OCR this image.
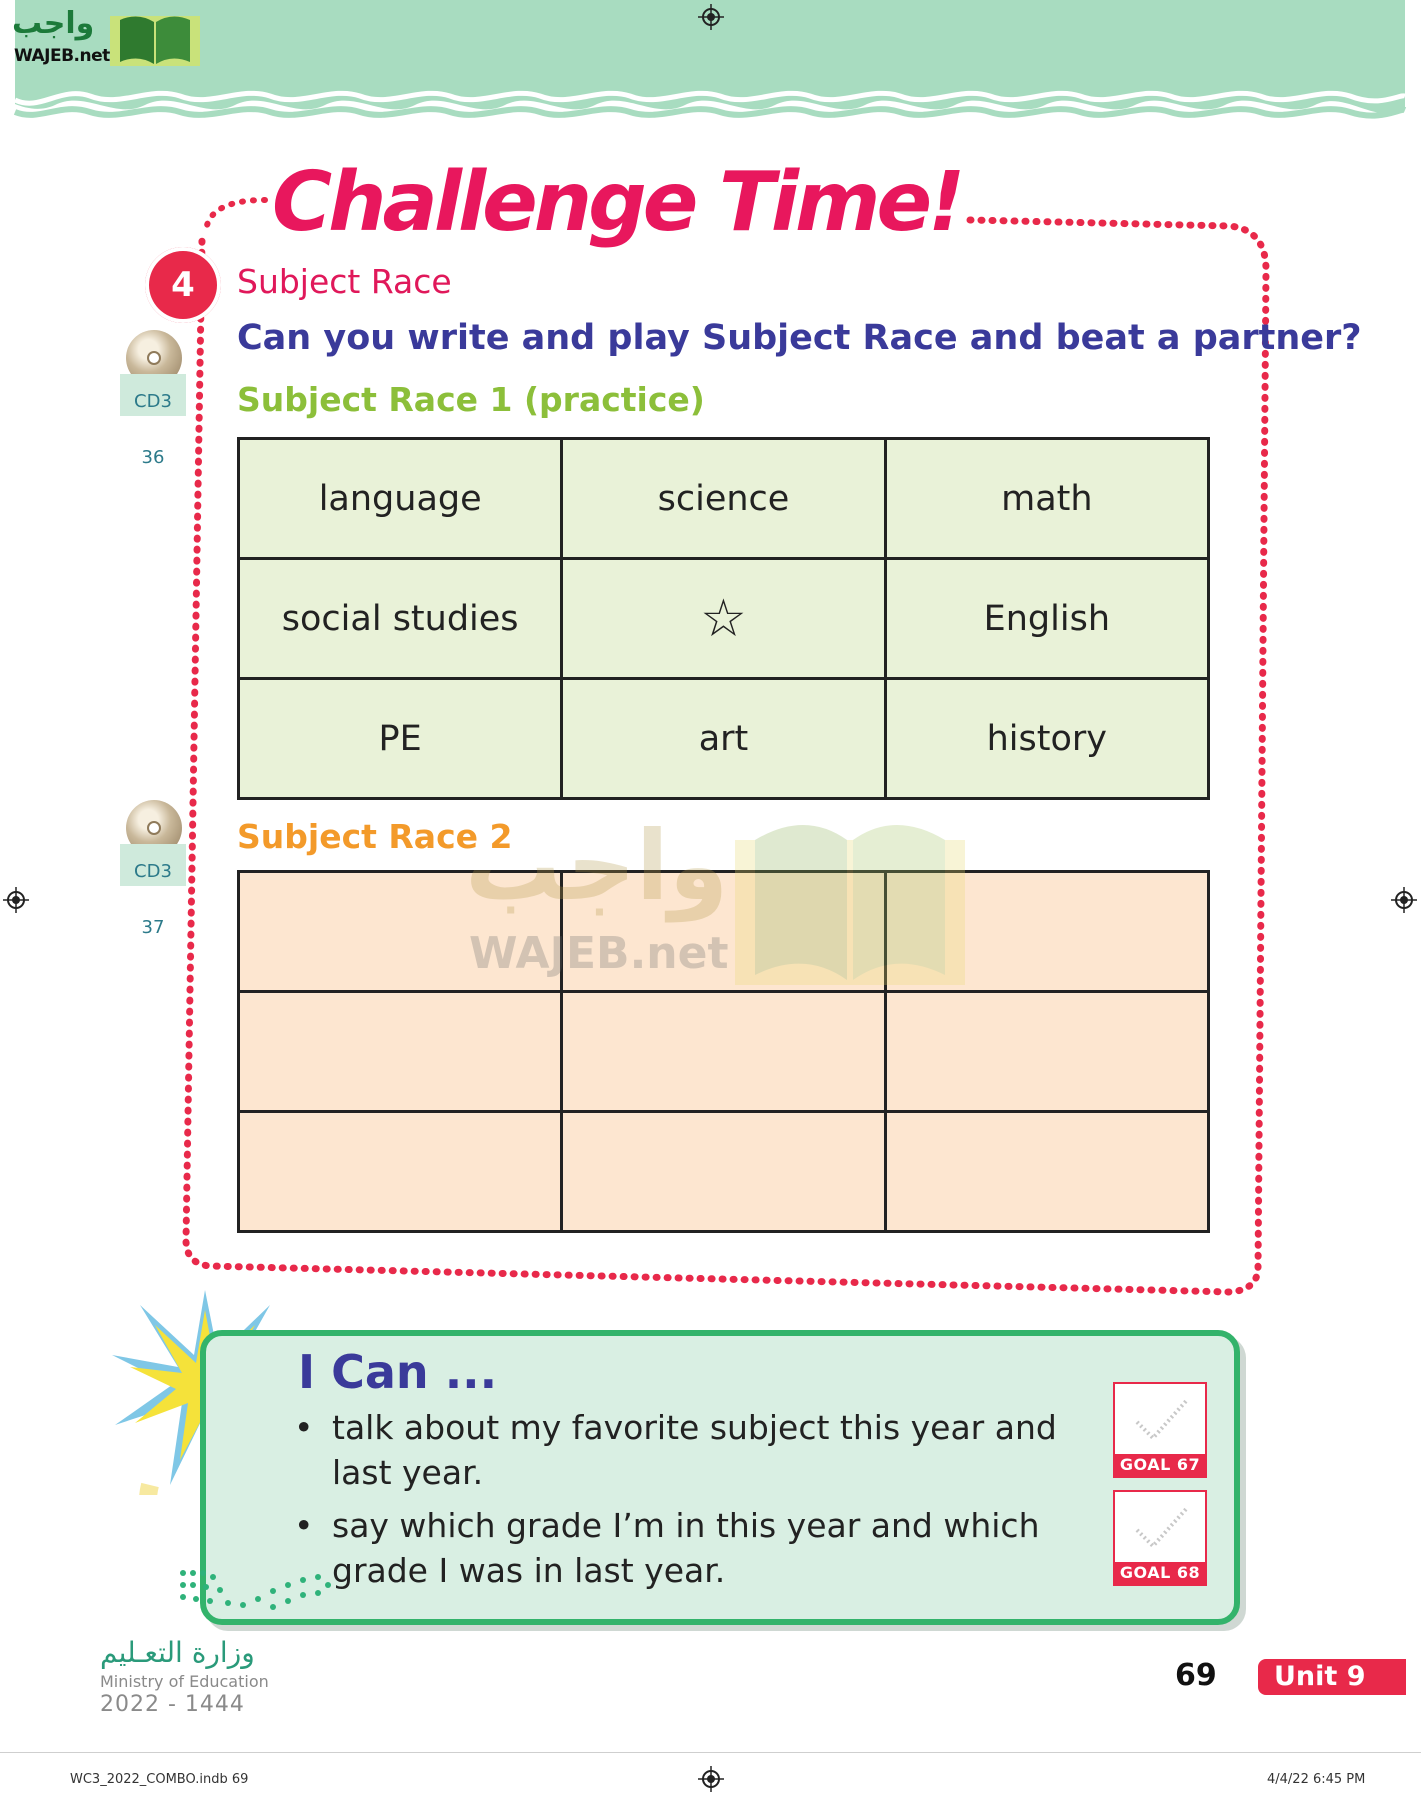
واجب
WAJEB.net
Challenge Time!
4	Subject Race
Can you write and play Subject Race and beat a partner?
CD3 36
CD3 37
Subject Race 1 (practice)
language	science	math
social studies	☆	English
PE	art	history
Subject Race 2

واجب
WAJEB.net
I Can ...
• talk about my favorite subject this year and last year.
• say which grade I’m in this year and which grade I was in last year.
GOAL 67
GOAL 68
وزارة التعـليم
Ministry of Education
2022 - 1444
69 Unit 9
WC3_2022_COMBO.indb 69	4/4/22 6:45 PM
